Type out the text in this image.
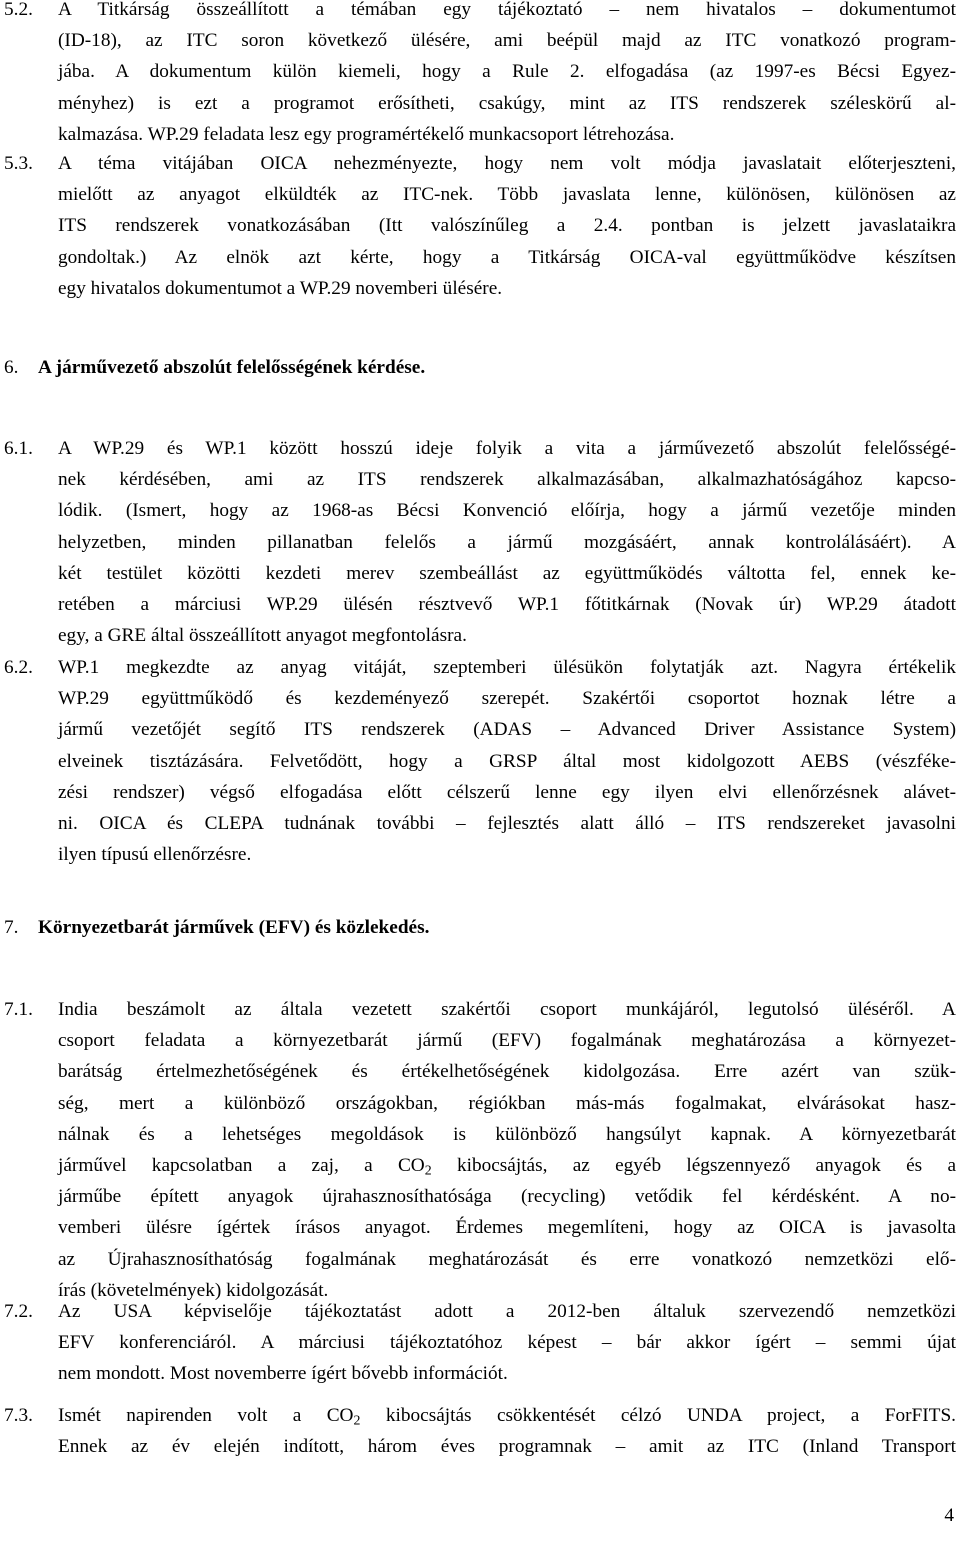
5.2.	A Titkárság összeállított a témában egy tájékoztató – nem hivatalos – dokumentumot
(ID-18), az ITC soron következő ülésére, ami beépül majd az ITC vonatkozó program-
jába. A dokumentum külön kiemeli, hogy a Rule 2. elfogadása (az 1997-es Bécsi Egyez-
ményhez) is ezt a programot erősítheti, csakúgy, mint az ITS rendszerek széleskörű al-
kalmazása. WP.29 feladata lesz egy programértékelő munkacsoport létrehozása.
5.3.	A téma vitájában OICA nehezményezte, hogy nem volt módja javaslatait előterjeszteni,
mielőtt az anyagot elküldték az ITC-nek. Több javaslata lenne, különösen, különösen az
ITS rendszerek vonatkozásában (Itt valószínűleg a 2.4. pontban is jelzett javaslataikra
gondoltak.) Az elnök azt kérte, hogy a Titkárság OICA-val együttműködve készítsen
egy hivatalos dokumentumot a WP.29 novemberi ülésére.
6.	A járművezető abszolút felelősségének kérdése.
6.1.	A WP.29 és WP.1 között hosszú ideje folyik a vita a járművezető abszolút felelősségé-
nek kérdésében, ami az ITS rendszerek alkalmazásában, alkalmazhatóságához kapcso-
lódik. (Ismert, hogy az 1968-as Bécsi Konvenció előírja, hogy a jármű vezetője minden
helyzetben, minden pillanatban felelős a jármű mozgásáért, annak kontrolálásáért). A
két testület közötti kezdeti merev szembeállást az együttműködés váltotta fel, ennek ke-
retében a márciusi WP.29 ülésén résztvevő WP.1 főtitkárnak (Novak úr) WP.29 átadott
egy, a GRE által összeállított anyagot megfontolásra.
6.2.	WP.1 megkezdte az anyag vitáját, szeptemberi ülésükön folytatják azt. Nagyra értékelik
WP.29 együttműködő és kezdeményező szerepét. Szakértői csoportot hoznak létre a
jármű vezetőjét segítő ITS rendszerek (ADAS – Advanced Driver Assistance System)
elveinek tisztázására. Felvetődött, hogy a GRSP által most kidolgozott AEBS (vészféke-
zési rendszer) végső elfogadása előtt célszerű lenne egy ilyen elvi ellenőrzésnek alávet-
ni. OICA és CLEPA tudnának további – fejlesztés alatt álló – ITS rendszereket javasolni
ilyen típusú ellenőrzésre.
7.	Környezetbarát járművek (EFV) és közlekedés.
7.1.	India beszámolt az általa vezetett szakértői csoport munkájáról, legutolsó üléséről. A
csoport feladata a környezetbarát jármű (EFV) fogalmának meghatározása a környezet-
barátság értelmezhetőségének és értékelhetőségének kidolgozása. Erre azért van szük-
ség, mert a különböző országokban, régiókban más-más fogalmakat, elvárásokat hasz-
nálnak és a lehetséges megoldások is különböző hangsúlyt kapnak. A környezetbarát
járművel kapcsolatban a zaj, a $CO_2$ kibocsájtás, az egyéb légszennyező anyagok és a
járműbe épített anyagok újrahasznosíthatósága (recycling) vetődik fel kérdésként. A no-
vemberi ülésre ígértek írásos anyagot. Érdemes megemlíteni, hogy az OICA is javasolta
az Újrahasznosíthatóság fogalmának meghatározását és erre vonatkozó nemzetközi elő-
írás (követelmények) kidolgozását.
7.2.	Az USA képviselője tájékoztatást adott a 2012-ben általuk szervezendő nemzetközi
EFV konferenciáról. A márciusi tájékoztatóhoz képest – bár akkor ígért – semmi újat
nem mondott. Most novemberre ígért bővebb információt.
7.3.	Ismét napirenden volt a $CO_2$ kibocsájtás csökkentését célzó UNDA project, a ForFITS.
Ennek az év elején indított, három éves programnak – amit az ITC (Inland Transport
4
